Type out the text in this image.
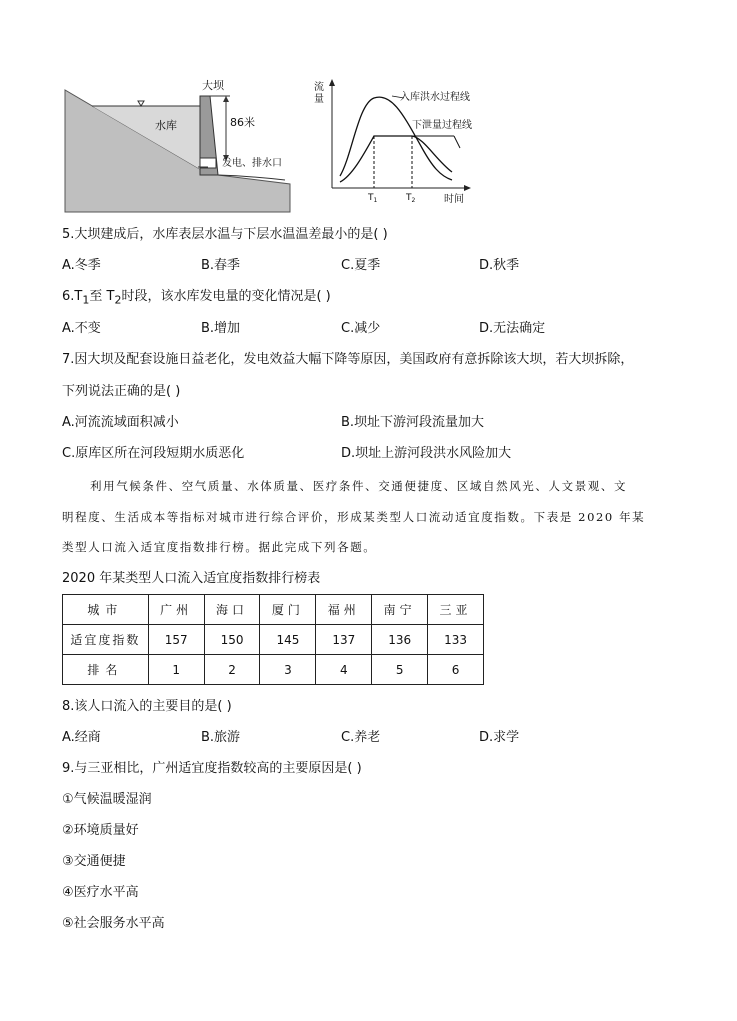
大坝
水库	86米
发电、排水口
流 量
时间
入库洪水过程线
下泄量过程线
$T_1$	$T_2$
5.大坝建成后，水库表层水温与下层水温温差最小的是( )
A.冬季	B.春季	C.夏季	D.秋季
$6.T_1$至 $T_2$时段，该水库发电量的变化情况是( )
A.不变	B.增加	C.减少	D.无法确定
7.因大坝及配套设施日益老化，发电效益大幅下降等原因，美国政府有意拆除该大坝，若大坝拆除，
下列说法正确的是( )
A.河流流域面积减小	B.坝址下游河段流量加大
C.原库区所在河段短期水质恶化	D.坝址上游河段洪水风险加大
利用气候条件、空气质量、水体质量、医疗条件、交通便捷度、区域自然风光、人文景观、文
明程度、生活成本等指标对城市进行综合评价，形成某类型人口流动适宜度指数。下表是 2020 年某
类型人口流入适宜度指数排行榜。据此完成下列各题。
2020 年某类型人口流入适宜度指数排行榜表
城市	广州	海口	厦门	福州	南宁	三亚
适宜度指数	157	150	145	137	136	133
排名	1	2	3	4	5	6
8.该人口流入的主要目的是( )
A.经商	B.旅游	C.养老	D.求学
9.与三亚相比，广州适宜度指数较高的主要原因是( )
①气候温暖湿润
②环境质量好
③交通便捷
④医疗水平高
⑤社会服务水平高
